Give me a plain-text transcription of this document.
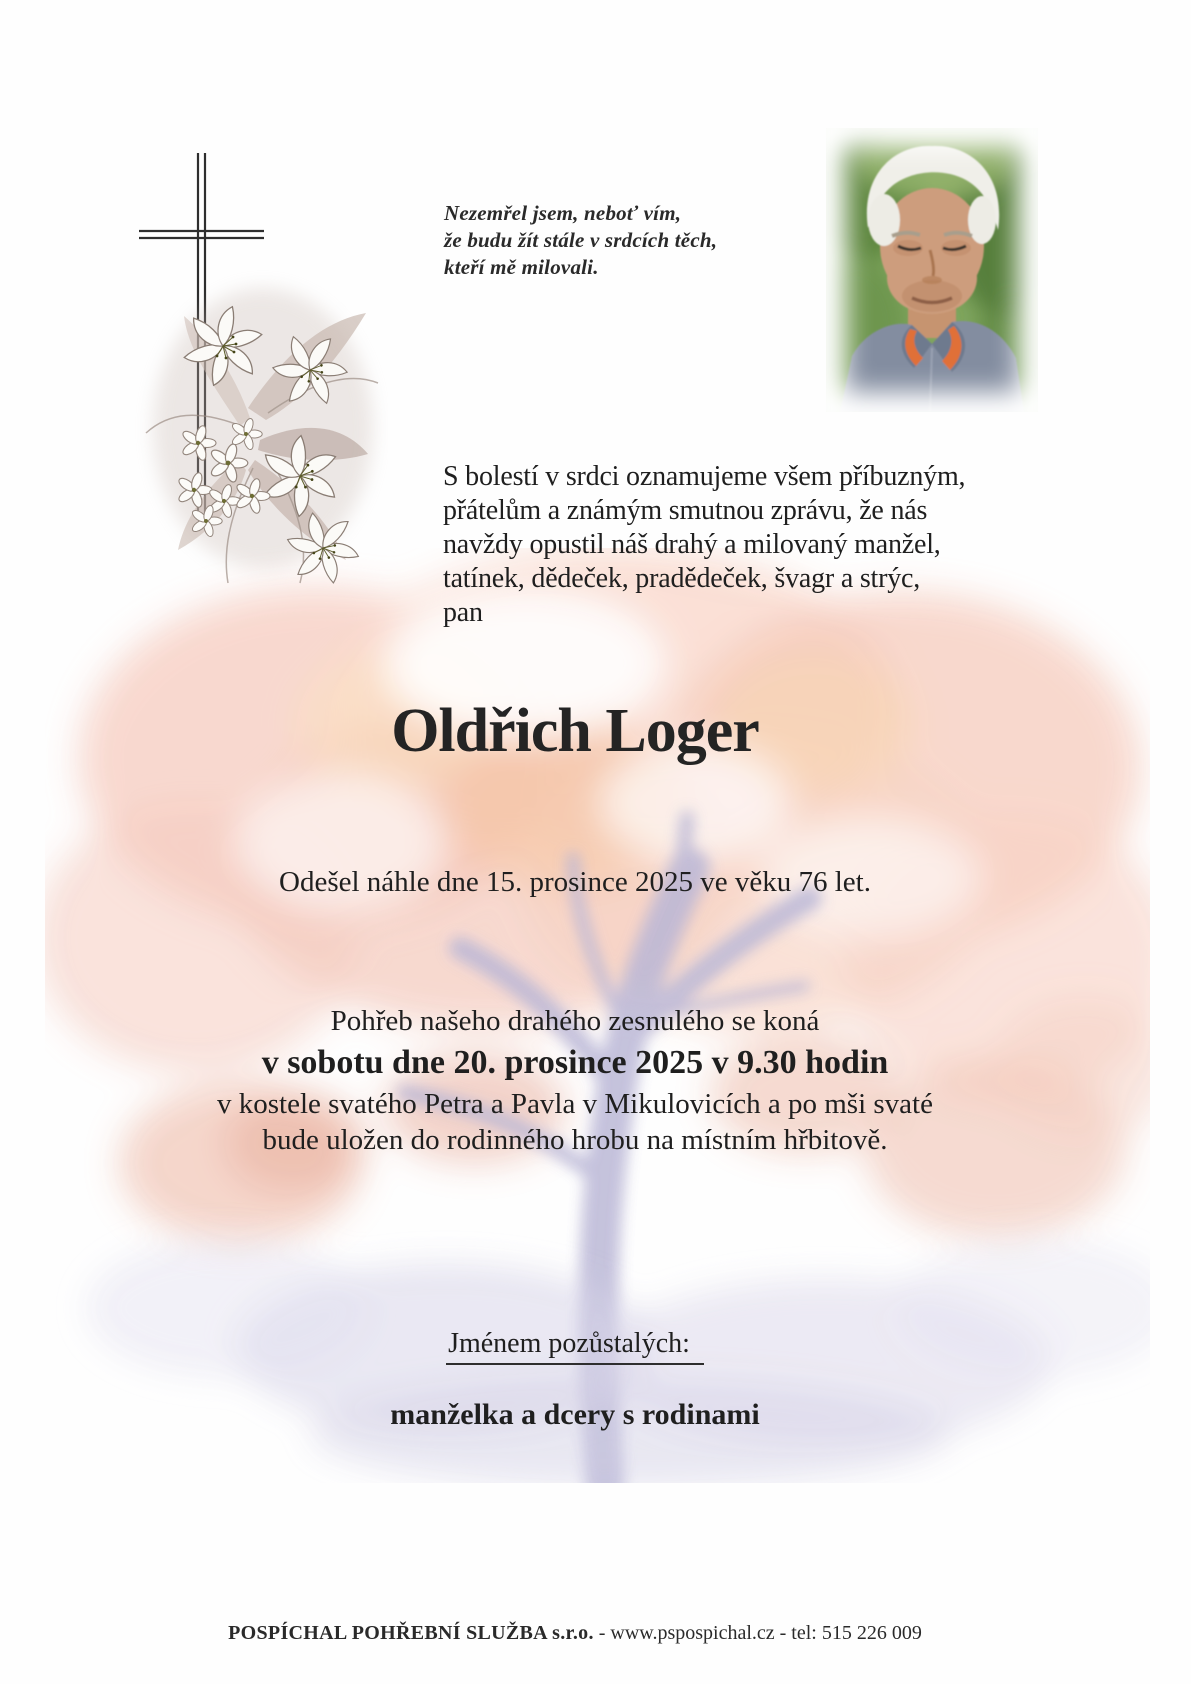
Nezemřel jsem, neboť vím,
že budu žít stále v srdcích těch,
kteří mě milovali.
S bolestí v srdci oznamujeme všem příbuzným,
přátelům a známým smutnou zprávu, že nás
navždy opustil náš drahý a milovaný manžel,
tatínek, dědeček, pradědeček, švagr a strýc,
pan
Oldřich Loger
Odešel náhle dne 15. prosince 2025 ve věku 76 let.
Pohřeb našeho drahého zesnulého se koná
v sobotu dne 20. prosince 2025 v 9.30 hodin
v kostele svatého Petra a Pavla v Mikulovicích a po mši svaté
bude uložen do rodinného hrobu na místním hřbitově.
Jménem pozůstalých:
manželka a dcery s rodinami
POSPÍCHAL POHŘEBNÍ SLUŽBA s.r.o. - www.pspospichal.cz - tel: 515 226 009
